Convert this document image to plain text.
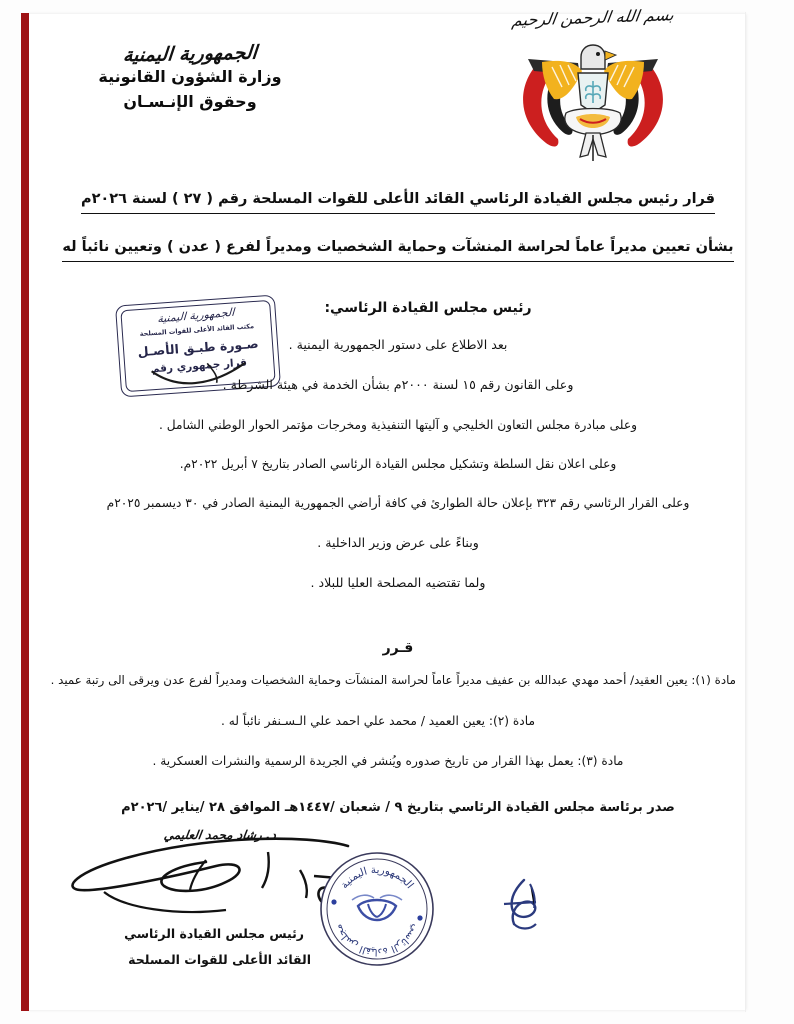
الجمهورية اليمنية
وزارة الشؤون القانونية
وحقوق الإنـسـان
بسم الله الرحمن الرحيم
قرار رئيس مجلس القيادة الرئاسي القائد الأعلى للقوات المسلحة رقم ( ٢٧ ) لسنة ٢٠٢٦م
بشأن تعيين مديراً عاماً لحراسة المنشآت وحماية الشخصيات ومديراً لفرع ( عدن ) وتعيين نائباً له
الجمهورية اليمنية
مكتب القائد الأعلى للقوات المسلحة
صـورة طبـق الأصـل
قرار جمهوري رقم
رئيس مجلس القيادة الرئاسي:
بعد الاطلاع على دستور الجمهورية اليمنية .
وعلى القانون رقم ١٥ لسنة ٢٠٠٠م بشأن الخدمة في هيئة الشرطة .
وعلى مبادرة مجلس التعاون الخليجي و آليتها التنفيذية ومخرجات مؤتمر الحوار الوطني الشامل .
وعلى اعلان نقل السلطة وتشكيل مجلس القيادة الرئاسي الصادر بتاريخ ٧ أبريل ٢٠٢٢م.
وعلى القرار الرئاسي رقم ٣٢٣ بإعلان حالة الطوارئ في كافة أراضي الجمهورية اليمنية الصادر في ٣٠ ديسمبر ٢٠٢٥م
وبناءً على عرض وزير الداخلية .
ولما تقتضيه المصلحة العليا للبلاد .
قـرر
مادة (١): يعين العقيد/ أحمد مهدي عبدالله بن عفيف مديراً عاماً لحراسة المنشآت وحماية الشخصيات ومديراً لفرع عدن ويرقى الى رتبة عميد .
مادة (٢): يعين العميد / محمد علي احمد علي الـسـنفر نائباً له .
مادة (٣): يعمل بهذا القرار من تاريخ صدوره ويُنشر في الجريدة الرسمية والنشرات العسكرية .
صدر برئاسة مجلس القيادة الرئاسي بتاريخ ٩ / شعبان /١٤٤٧هـ الموافق ٢٨ /يناير /٢٠٢٦م
د. رشاد محمد العليمي
رئيس مجلس القيادة الرئاسي
القائد الأعلى للقوات المسلحة
الجمهورية اليمنية
مجلس القيادة الرئاسي
